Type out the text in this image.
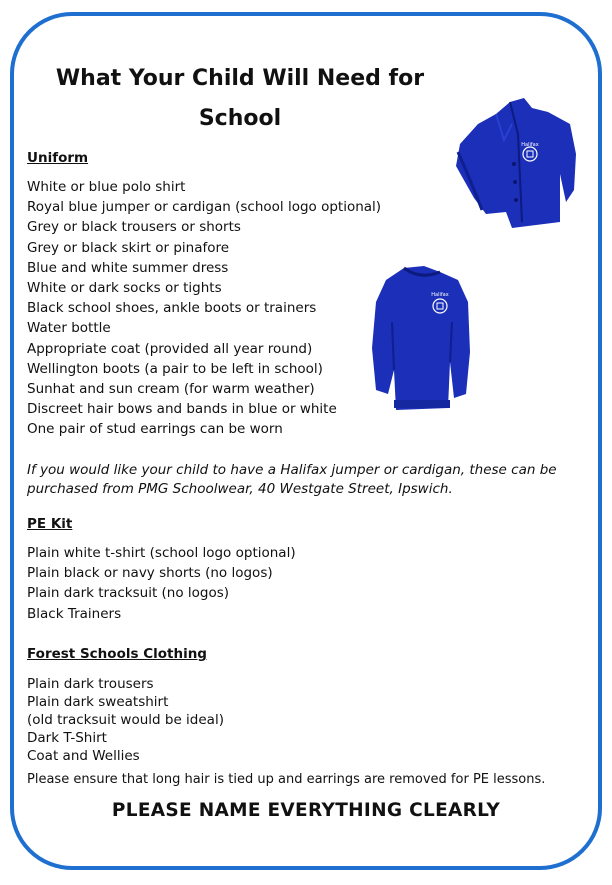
What Your Child Will Need for
School
Halifax
Halifax
Uniform
White or blue polo shirt
Royal blue jumper or cardigan (school logo optional)
Grey or black trousers or shorts
Grey or black skirt or pinafore
Blue and white summer dress
White or dark socks or tights
Black school shoes, ankle boots or trainers
Water bottle
Appropriate coat (provided all year round)
Wellington boots (a pair to be left in school)
Sunhat and sun cream (for warm weather)
Discreet hair bows and bands in blue or white
One pair of stud earrings can be worn
If you would like your child to have a Halifax jumper or cardigan, these can be purchased from PMG Schoolwear, 40 Westgate Street, Ipswich.
PE Kit
Plain white t-shirt (school logo optional)
Plain black or navy shorts (no logos)
Plain dark tracksuit (no logos)
Black Trainers
Forest Schools Clothing
Plain dark trousers
Plain dark sweatshirt
(old tracksuit would be ideal)
Dark T-Shirt
Coat and Wellies
Please ensure that long hair is tied up and earrings are removed for PE lessons.
PLEASE NAME EVERYTHING CLEARLY
